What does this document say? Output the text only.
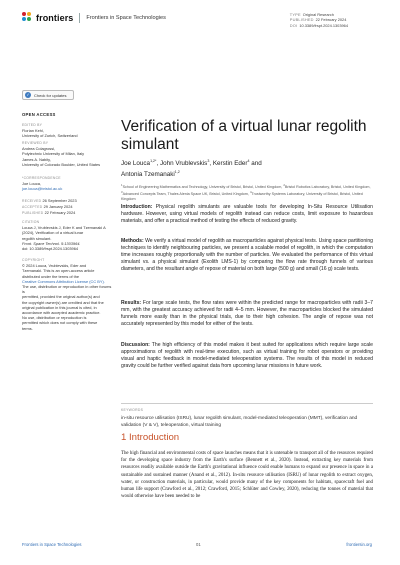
frontiers Frontiers in Space Technologies	TYPE Original Research
PUBLISHED 22 February 2024
DOI 10.3389/frspt.2024.1303964
✓	Check for updates
OPEN ACCESS
EDITED BY
Florian Kehl,
University of Zurich, Switzerland
REVIEWED BY
Andrea Colagrossi,
Polytechnic University of Milan, Italy
James A. Nabity,
University of Colorado Boulder, United States
*CORRESPONDENCE
Joe Louca,
joe.louca@bristol.ac.uk
RECEIVED 26 September 2023
ACCEPTED 29 January 2024
PUBLISHED 22 February 2024
CITATION
Louca J, Vrublevskis J, Eder K and Tzemanaki A
(2024), Verification of a virtual lunar
regolith simulant.
Front. Space Technol. 5:1303964.
doi: 10.3389/frspt.2024.1303964
COPYRIGHT
© 2024 Louca, Vrublevskis, Eder and
Tzemanaki. This is an open-access article
distributed under the terms of the
Creative Commons Attribution License (CC BY).
The use, distribution or reproduction in other forums is
permitted, provided the original author(s) and
the copyright owner(s) are credited and that the
original publication in this journal is cited, in
accordance with accepted academic practice.
No use, distribution or reproduction is
permitted which does not comply with these
terms.
Verification of a virtual lunar regolith simulant
Joe Louca$^{1,2*}$, John Vrublevskis$^3$, Kerstin Eder$^4$ and
Antonia Tzemanaki$^{1,2}$
$^1$School of Engineering Mathematics and Technology, University of Bristol, Bristol, United Kingdom, $^2$Bristol Robotics Laboratory, Bristol, United Kingdom, $^3$Advanced Concepts Team, Thales Alenia Space UK, Bristol, United Kingdom, $^4$Trustworthy Systems Laboratory, University of Bristol, Bristol, United Kingdom

Introduction: Physical regolith simulants are valuable tools for developing In-Situ Resource Utilisation hardware. However, using virtual models of regolith instead can reduce costs, limit exposure to hazardous materials, and offer a practical method of testing the effects of reduced gravity.

Methods: We verify a virtual model of regolith as macroparticles against physical tests. Using space partitioning techniques to identify neighbouring particles, we present a scalable model of regolith, in which the computation time increases roughly proportionally with the number of particles. We evaluated the performance of this virtual simulant vs. a physical simulant (Exolith LMS-1) by comparing the flow rate through funnels of various diameters, and the resultant angle of repose of material on both large (500 g) and small (16 g) scale tests.

Results: For large scale tests, the flow rates were within the predicted range for macroparticles with radii 3–7 mm, with the greatest accuracy achieved for radii 4–5 mm. However, the macroparticles blocked the simulated funnels more easily than in the physical trials, due to their high cohesion. The angle of repose was not accurately represented by this model for either of the tests.

Discussion: The high efficiency of this model makes it best suited for applications which require large scale approximations of regolith with real-time execution, such as virtual training for robot operators or providing visual and haptic feedback in model-mediated teleoperation systems. The results of this model in reduced gravity could be further verified against data from upcoming lunar missions in future work.

KEYWORDS
in-situ resource utilisation (ISRU), lunar regolith simulant, model-mediated teleoperation (MMT), verification and validation (V & V), teleoperation, virtual training
1 Introduction

The high financial and environmental costs of space launches means that it is untenable to transport all of the resources required for the developing space industry from the Earth's surface (Bennett et al., 2020). Instead, extracting key materials from resources readily available outside the Earth's gravitational influence could enable humans to expand our presence in space in a sustainable and sustained manner (Anand et al., 2012). In-situ resource utilisation (ISRU) of lunar regolith to extract oxygen, water, or construction materials, in particular, would provide many of the key components for habitats, spacecraft fuel and human life support (Crawford et al., 2012; Crawford, 2015; Schlüter and Cowley, 2020), reducing the tonnes of material that would otherwise have been needed to be

Frontiers in Space Technologies	01	frontiersin.org
